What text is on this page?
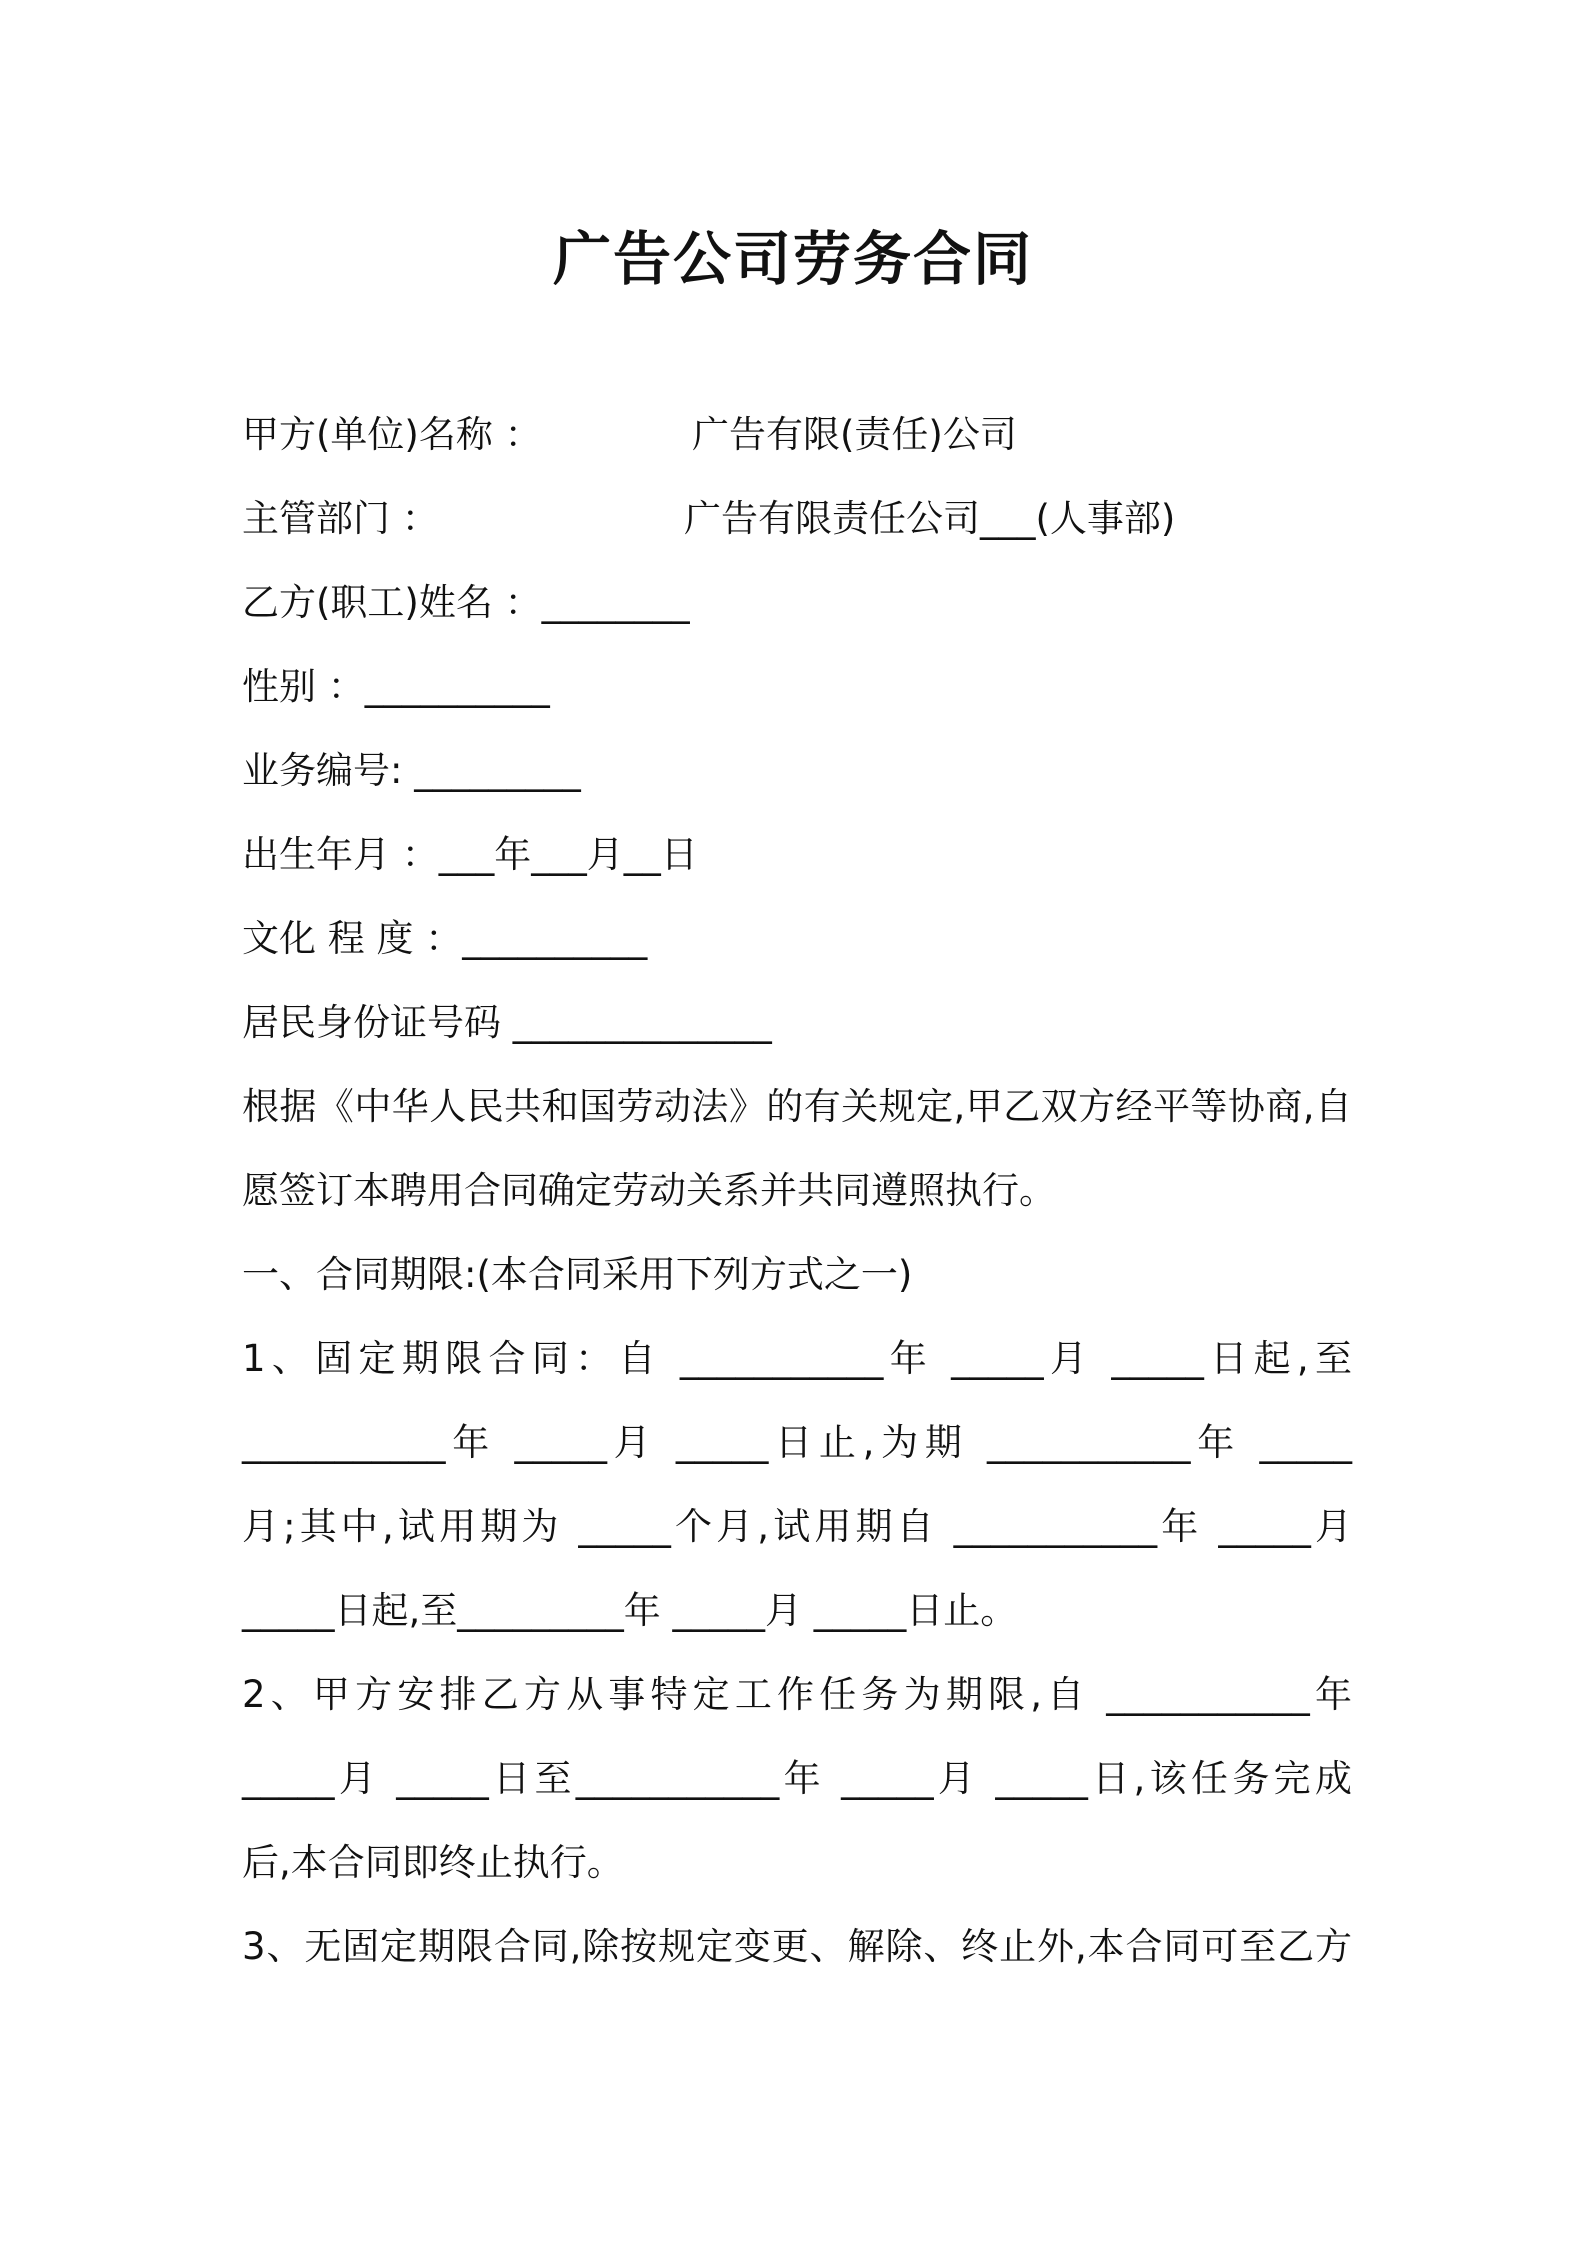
广告公司劳务合同
甲方(单位)名称 ：	广告有限(责任)公司
主管部门 ：	广告有限责任公司___(人事部)
乙方(职工)姓名 ：________
性别 ：__________
业务编号: _________
出生年月 ：___年___月__日
文化 程 度 ：__________
居民身份证号码 ______________
根据《中华人民共和国劳动法》的有关规定,甲乙双方经平等协商,自
愿签订本聘用合同确定劳动关系并共同遵照执行。
一、合同期限:(本合同采用下列方式之一)
1、固定期限合同：自 ___________年 _____月 _____日起,至
___________年 _____月 _____日止,为期 ___________年 _____
月;其中,试用期为 _____个月,试用期自 ___________年 _____月
_____日起,至_________年 _____月 _____日止。
2、甲方安排乙方从事特定工作任务为期限,自 ___________年
_____月 _____日至___________年 _____月 _____日,该任务完成
后,本合同即终止执行。
3、无固定期限合同,除按规定变更、解除、终止外,本合同可至乙方
